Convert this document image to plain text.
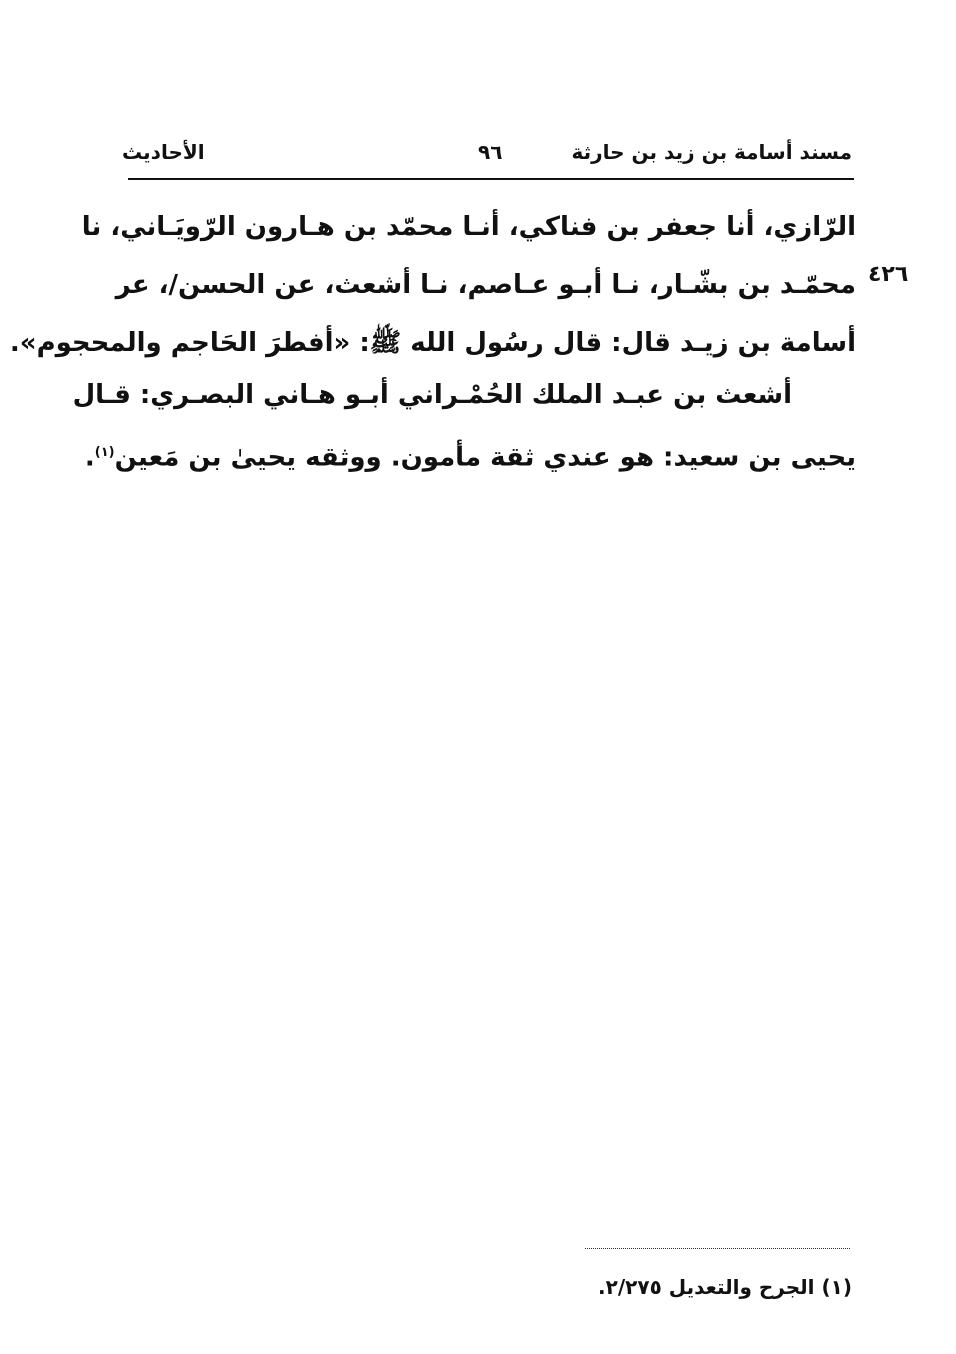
مسند أسامة بن زيد بن حارثة
٩٦
الأحاديث
٤٢٦
الرّازي، أنا جعفر بن فناكي، أنـا محمّد بن هـارون الرّويَـاني، نا
محمّـد بن بشّـار، نـا أبـو عـاصم، نـا أشعث، عن الحسن/، عر
أسامة بن زيـد قال: قال رسُول الله ﷺ: «أفطرَ الحَاجم والمحجوم».
أشعث بن عبـد الملك الحُمْـراني أبـو هـاني البصـري: قـال
يحيى بن سعيد: هو عندي ثقة مأمون. ووثقه يحيىٰ بن مَعين$^{(١)}$.
(١) الجرح والتعديل ٢/٢٧٥.
